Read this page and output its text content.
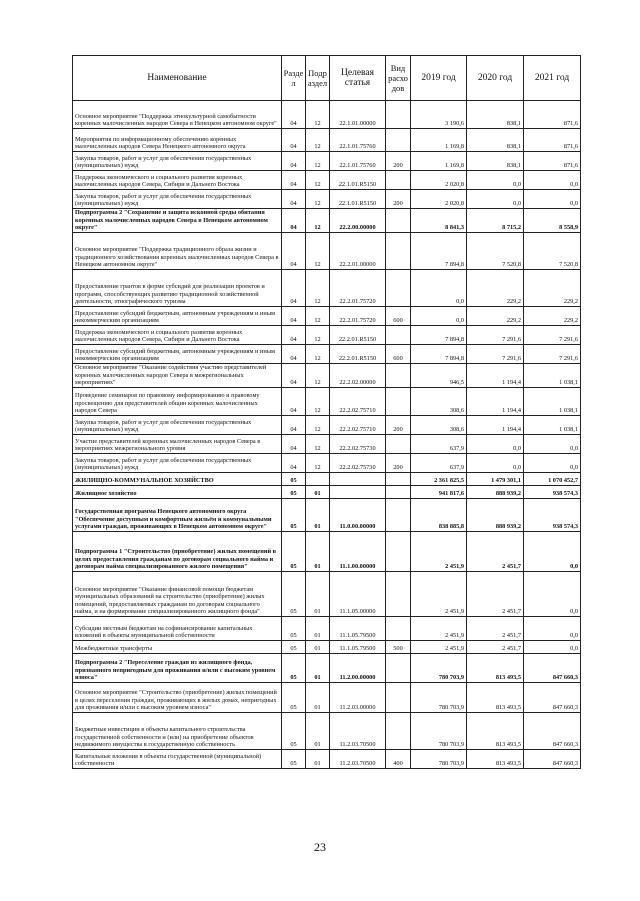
Наименование	Разде л	Подр аздел	Целевая статья	Вид расхо дов	2019 год	2020 год	2021 год
Основное мероприятие "Поддержка этнокультурной самобытности коренных малочисленных народов Севера в Ненецком автономном округе"	04	12	22.1.01.00000		3 190,6	838,1	871,6
Мероприятия по информационному обеспечению коренных малочисленных народов Севера Ненецкого автономного округа	04	12	22.1.01.75760		1 169,8	838,1	871,6
Закупка товаров, работ и услуг для обеспечения государственных (муниципальных) нужд	04	12	22.1.01.75760	200	1 169,8	838,1	871,6
Поддержка экономического и социального развития коренных малочисленных народов Севера, Сибири и Дальнего Востока	04	12	22.1.01.R5150		2 020,8	0,0	0,0
Закупка товаров, работ и услуг для обеспечения государственных (муниципальных) нужд	04	12	22.1.01.R5150	200	2 020,8	0,0	0,0
Подпрограмма 2 "Сохранение и защита исконной среды обитания коренных малочисленных народов Севера в Ненецком автономном округе"	04	12	22.2.00.00000		8 841,3	8 715,2	8 558,9
Основное мероприятие "Поддержка традиционного образа жизни и традиционного хозяйствования коренных малочисленных народов Севера в Ненецком автономном округе"	04	12	22.2.01.00000		7 894,8	7 520,8	7 520,8
Предоставление грантов в форме субсидий для реализации проектов и программ, способствующих развитию традиционной хозяйственной деятельности, этнографического туризма	04	12	22.2.01.75720		0,0	229,2	229,2
Предоставление субсидий бюджетным, автономным учреждениям и иным некоммерческим организациям	04	12	22.2.01.75720	600	0,0	229,2	229,2
Поддержка экономического и социального развития коренных малочисленных народов Севера, Сибири и Дальнего Востока	04	12	22.2.01.R5150		7 894,8	7 291,6	7 291,6
Предоставление субсидий бюджетным, автономным учреждениям и иным некоммерческим организациям	04	12	22.2.01.R5150	600	7 894,8	7 291,6	7 291,6
Основное мероприятие "Оказание содействия участию представителей коренных малочисленных народов Севера в межрегиональных мероприятиях"	04	12	22.2.02.00000		946,5	1 194,4	1 038,1
Проведение семинаров по правовому информированию и правовому просвещению для представителей общин коренных малочисленных народов Севера	04	12	22.2.02.75710		308,6	1 194,4	1 038,1
Закупка товаров, работ и услуг для обеспечения государственных (муниципальных) нужд	04	12	22.2.02.75710	200	308,6	1 194,4	1 038,1
Участие представителей коренных малочисленных народов Севера в мероприятиях межрегионального уровня	04	12	22.2.02.75730		637,9	0,0	0,0
Закупка товаров, работ и услуг для обеспечения государственных (муниципальных) нужд	04	12	22.2.02.75730	200	637,9	0,0	0,0
ЖИЛИЩНО-КОММУНАЛЬНОЕ ХОЗЯЙСТВО	05				2 361 825,5	1 479 301,1	1 070 452,7
Жилищное хозяйство	05	01			941 817,6	888 939,2	938 574,3
Государственная программа Ненецкого автономного округа "Обеспечение доступным и комфортным жильём и коммунальными услугами граждан, проживающих в Ненецком автономном округе"	05	01	11.0.00.00000		838 885,8	888 939,2	938 574,3
Подпрограмма 1 "Строительство (приобретение) жилых помещений в целях предоставления гражданам по договорам социального найма и договорам найма специализированного жилого помещения"	05	01	11.1.00.00000		2 451,9	2 451,7	0,0
Основное мероприятие "Оказание финансовой помощи бюджетам муниципальных образований на строительство (приобретение) жилых помещений, предоставляемых гражданам по договорам социального найма, и на формирование специализированного жилищного фонда"	05	01	11.1.05.00000		2 451,9	2 451,7	0,0
Субсидии местным бюджетам на софинансирование капитальных вложений в объекты муниципальной собственности	05	01	11.1.05.79500		2 451,9	2 451,7	0,0
Межбюджетные трансферты	05	01	11.1.05.79500	500	2 451,9	2 451,7	0,0
Подпрограмма 2 "Переселение граждан из жилищного фонда, признанного непригодным для проживания и/или с высоким уровнем износа"	05	01	11.2.00.00000		780 703,9	813 493,5	847 660,3
Основное мероприятие "Строительство (приобретение) жилых помещений в целях переселения граждан, проживающих в жилых домах, непригодных для проживания и/или с высоким уровнем износа"	05	01	11.2.03.00000		780 703,9	813 493,5	847 660,3
Бюджетные инвестиции в объекты капитального строительства государственной собственности и (или) на приобретение объектов недвижимого имущества в государственную собственность	05	01	11.2.03.70500		780 703,9	813 493,5	847 660,3
Капитальные вложения в объекты государственной (муниципальной) собственности	05	01	11.2.03.70500	400	780 703,9	813 493,5	847 660,3
23
